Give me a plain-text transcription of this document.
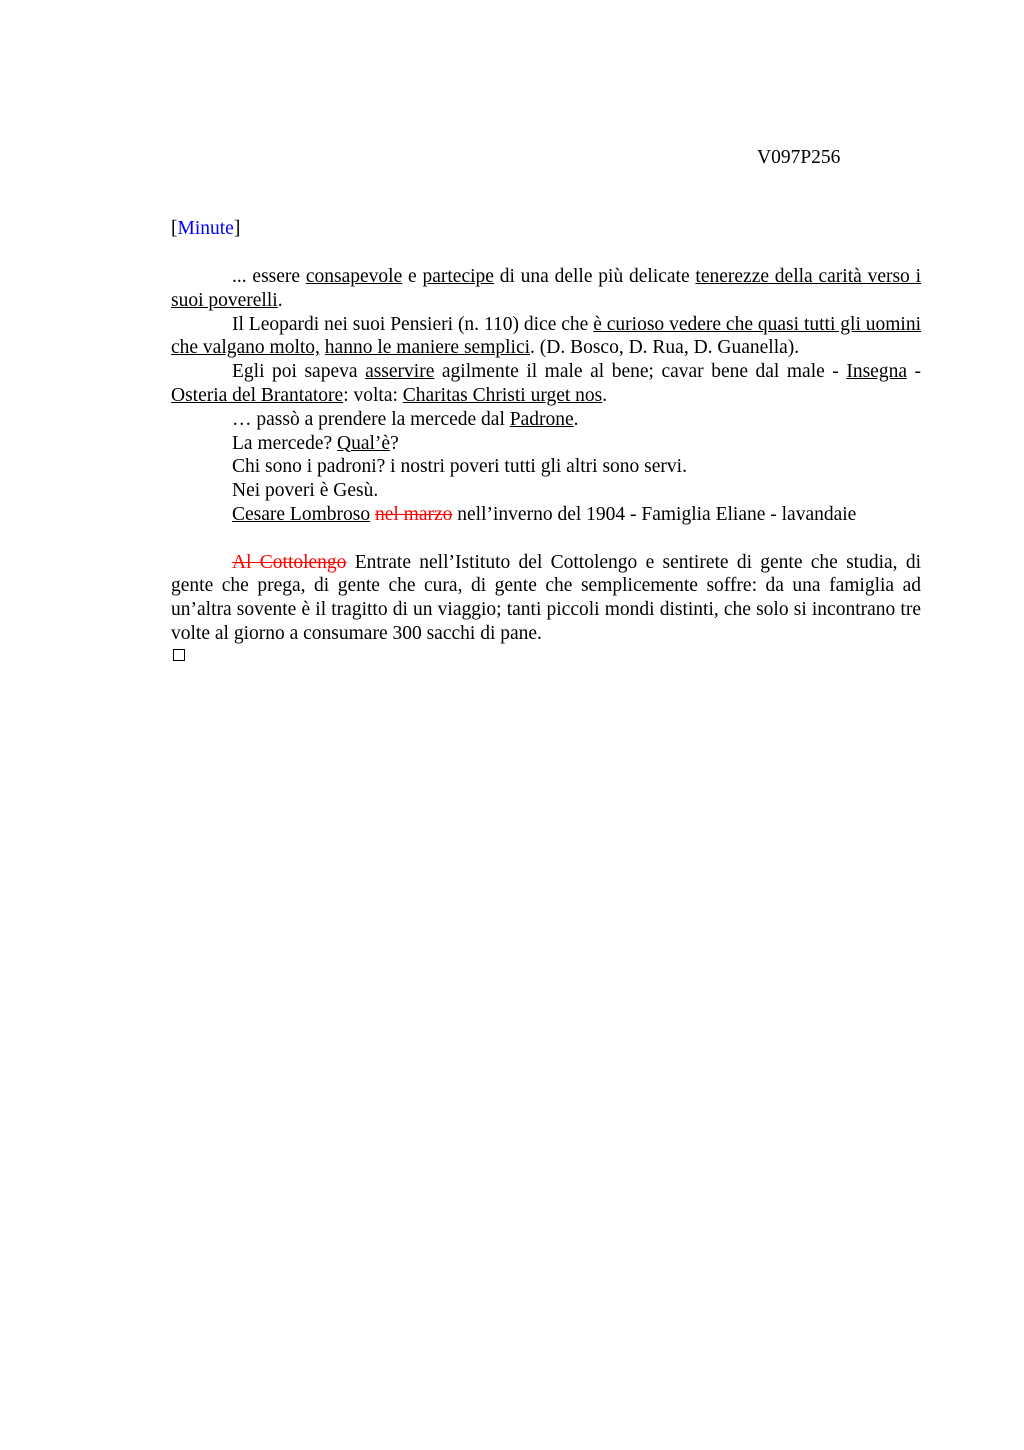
V097P256
[Minute]

... essere consapevole e partecipe di una delle più delicate tenerezze della carità verso i suoi poverelli.

Il Leopardi nei suoi Pensieri (n. 110) dice che è curioso vedere che quasi tutti gli uomini che valgano molto, hanno le maniere semplici. (D. Bosco, D. Rua, D. Guanella).

Egli poi sapeva asservire agilmente il male al bene; cavar bene dal male - Insegna - Osteria del Brantatore: volta: Charitas Christi urget nos.

… passò a prendere la mercede dal Padrone.

La mercede? Qual’è?

Chi sono i padroni? i nostri poveri tutti gli altri sono servi.

Nei poveri è Gesù.

Cesare Lombroso nel marzo nell’inverno del 1904 - Famiglia Eliane - lavandaie

Al Cottolengo Entrate nell’Istituto del Cottolengo e sentirete di gente che studia, di gente che prega, di gente che cura, di gente che semplicemente soffre: da una famiglia ad un’altra sovente è il tragitto di un viaggio; tanti piccoli mondi distinti, che solo si incontrano tre volte al giorno a consumare 300 sacchi di pane.
